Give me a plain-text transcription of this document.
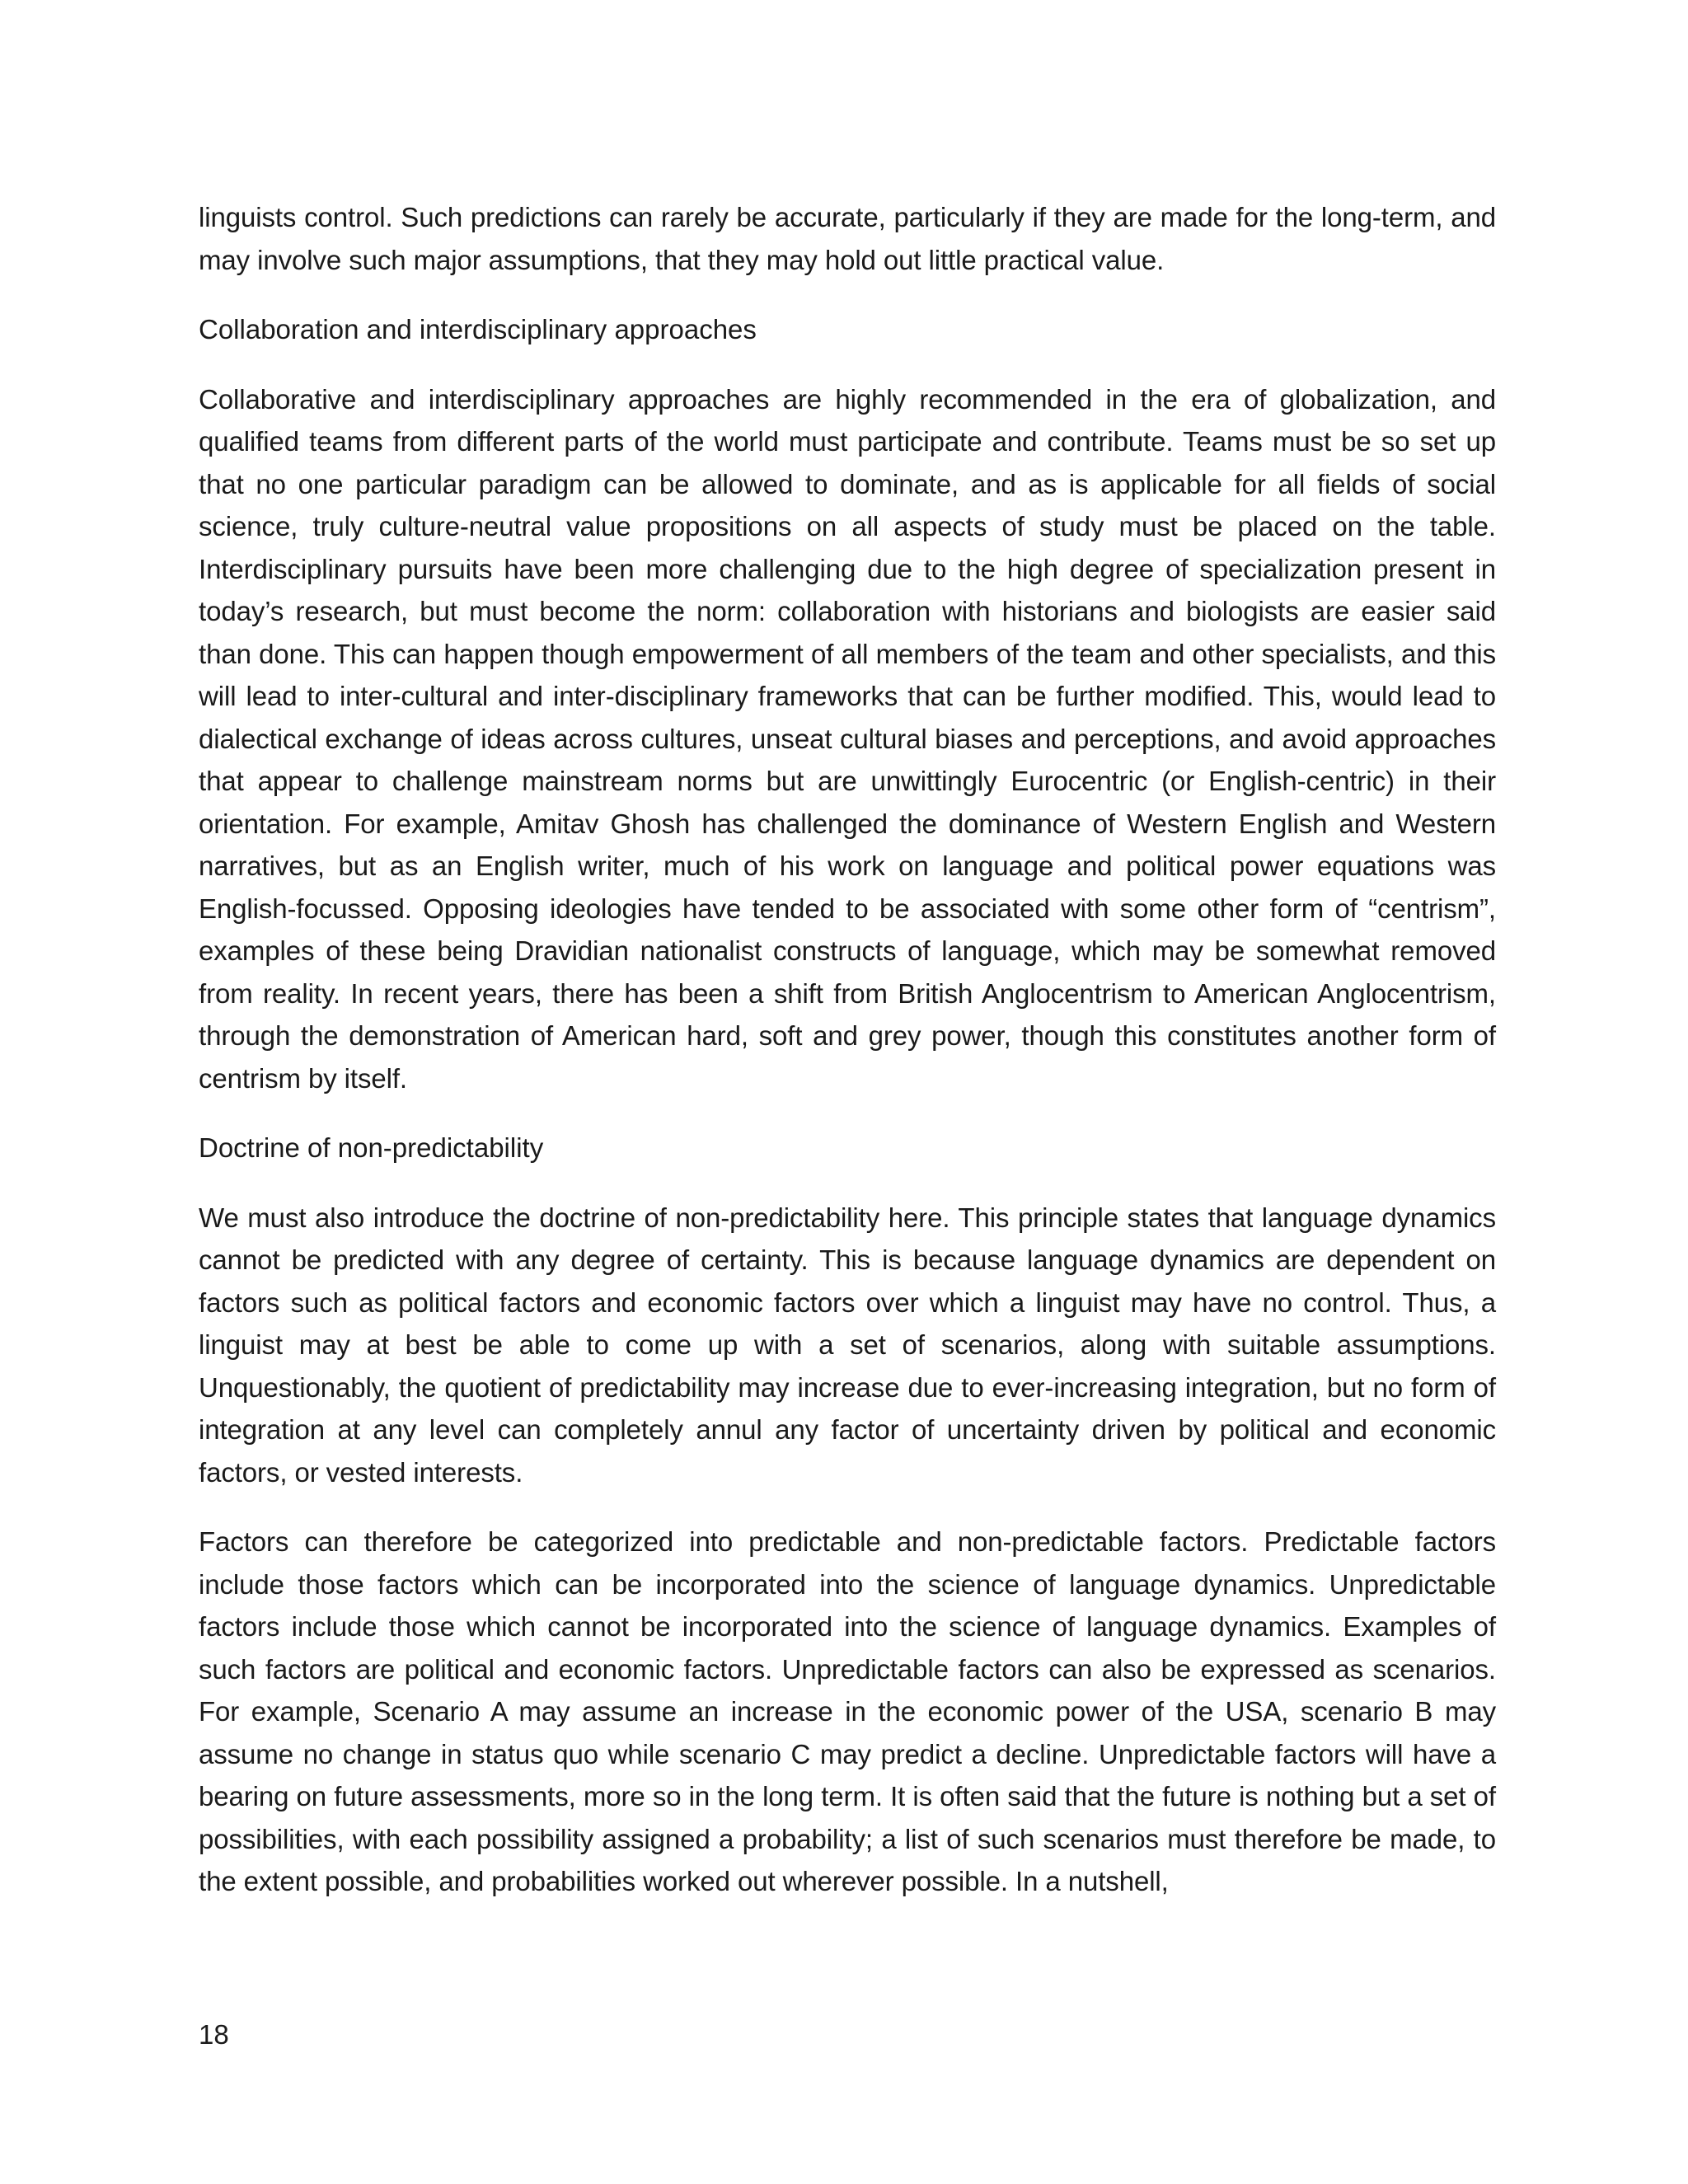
linguists control. Such predictions can rarely be accurate, particularly if they are made for the long-term, and may involve such major assumptions, that they may hold out little practical value.

Collaboration and interdisciplinary approaches

Collaborative and interdisciplinary approaches are highly recommended in the era of globalization, and qualified teams from different parts of the world must participate and contribute. Teams must be so set up that no one particular paradigm can be allowed to dominate, and as is applicable for all fields of social science, truly culture-neutral value propositions on all aspects of study must be placed on the table. Interdisciplinary pursuits have been more challenging due to the high degree of specialization present in today’s research, but must become the norm: collaboration with historians and biologists are easier said than done. This can happen though empowerment of all members of the team and other specialists, and this will lead to inter-cultural and inter-disciplinary frameworks that can be further modified. This, would lead to dialectical exchange of ideas across cultures, unseat cultural biases and perceptions, and avoid approaches that appear to challenge mainstream norms but are unwittingly Eurocentric (or English-centric) in their orientation. For example, Amitav Ghosh has challenged the dominance of Western English and Western narratives, but as an English writer, much of his work on language and political power equations was English-focussed. Opposing ideologies have tended to be associated with some other form of “centrism”, examples of these being Dravidian nationalist constructs of language, which may be somewhat removed from reality. In recent years, there has been a shift from British Anglocentrism to American Anglocentrism, through the demonstration of American hard, soft and grey power, though this constitutes another form of centrism by itself.

Doctrine of non-predictability

We must also introduce the doctrine of non-predictability here. This principle states that language dynamics cannot be predicted with any degree of certainty. This is because language dynamics are dependent on factors such as political factors and economic factors over which a linguist may have no control. Thus, a linguist may at best be able to come up with a set of scenarios, along with suitable assumptions. Unquestionably, the quotient of predictability may increase due to ever-increasing integration, but no form of integration at any level can completely annul any factor of uncertainty driven by political and economic factors, or vested interests.

Factors can therefore be categorized into predictable and non-predictable factors. Predictable factors include those factors which can be incorporated into the science of language dynamics. Unpredictable factors include those which cannot be incorporated into the science of language dynamics. Examples of such factors are political and economic factors. Unpredictable factors can also be expressed as scenarios. For example, Scenario A may assume an increase in the economic power of the USA, scenario B may assume no change in status quo while scenario C may predict a decline. Unpredictable factors will have a bearing on future assessments, more so in the long term. It is often said that the future is nothing but a set of possibilities, with each possibility assigned a probability; a list of such scenarios must therefore be made, to the extent possible, and probabilities worked out wherever possible. In a nutshell,

18
